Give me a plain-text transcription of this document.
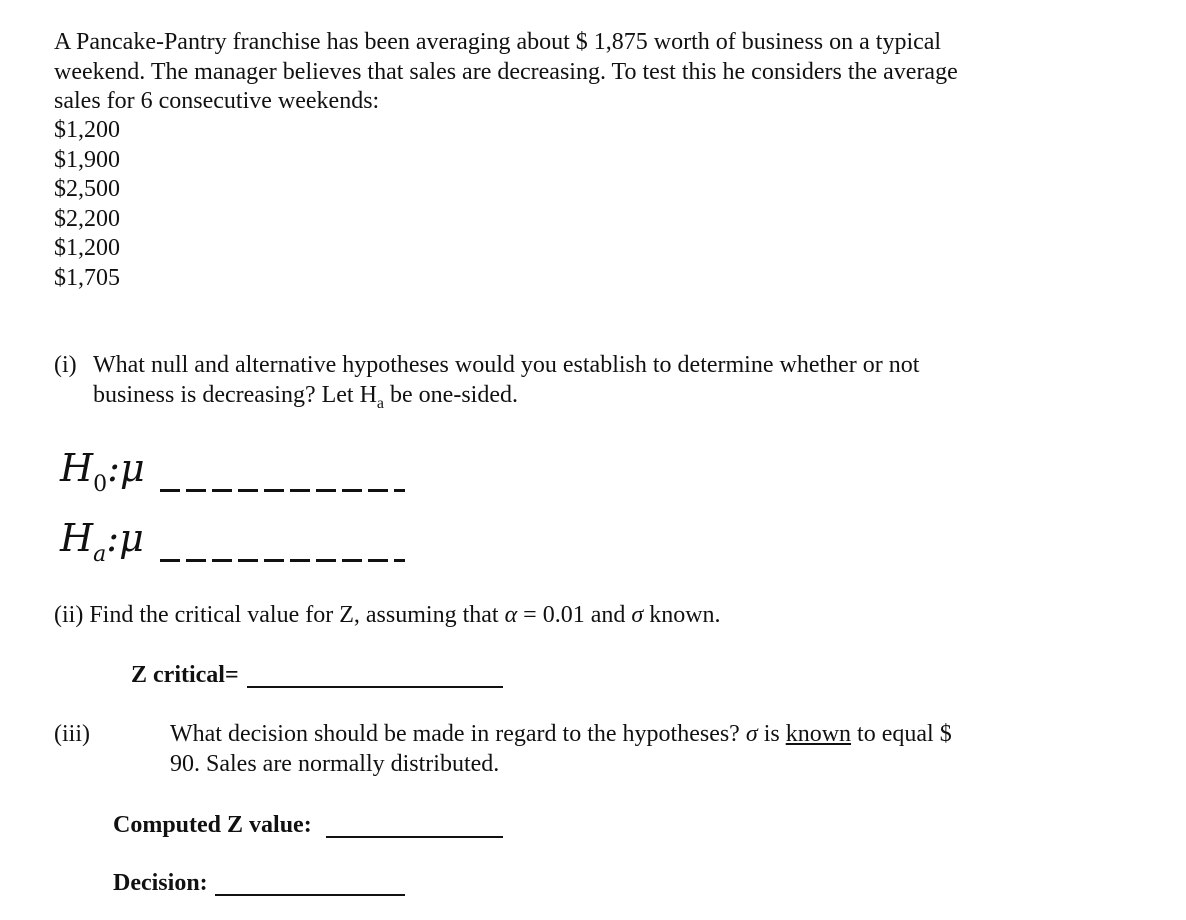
A Pancake-Pantry franchise has been averaging about $ 1,875 worth of business on a typical

weekend. The manager believes that sales are decreasing. To test this he considers the average

sales for 6 consecutive weekends:

$1,200
$1,900
$2,500
$2,200
$1,200
$1,705
(i) What null and alternative hypotheses would you establish to determine whether or not
business is decreasing? Let $H_a$ be one-sided.
$H_0:\mu$
$H_a:\mu$
(ii) Find the critical value for Z, assuming that α = 0.01 and σ known.
Z critical=
(iii)	What decision should be made in regard to the hypotheses? σ is known to equal $

90. Sales are normally distributed.

Computed Z value:
Decision:
